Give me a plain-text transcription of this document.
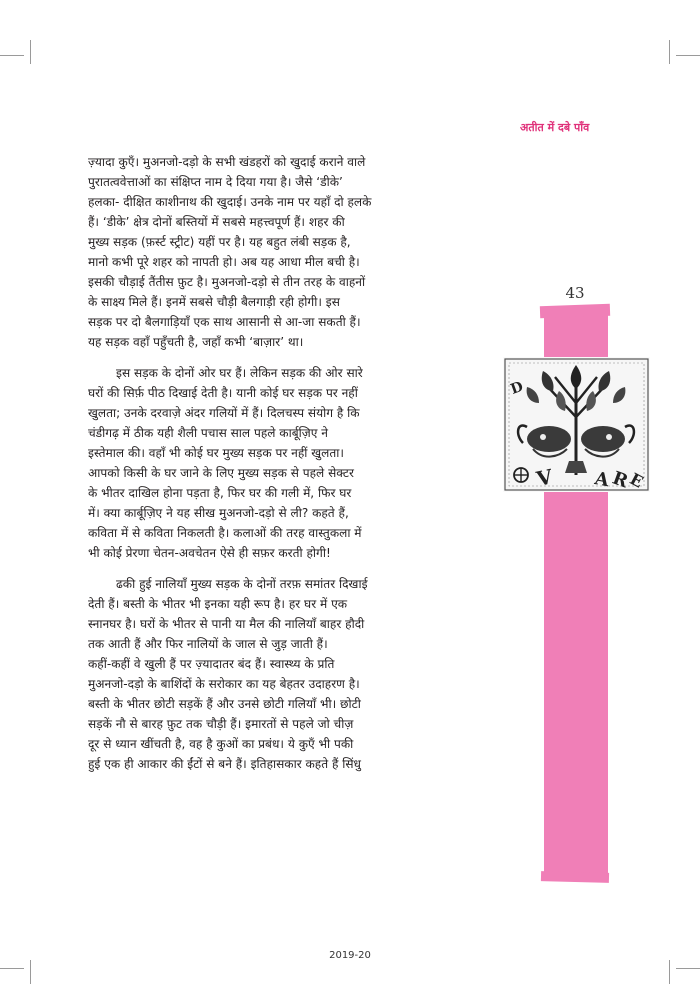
अतीत में दबे पाँव
43
D
V A R
E
ज़्यादा कुएँ। मुअनजो-दड़ो के सभी खंडहरों को खुदाई कराने वाले
पुरातत्ववेत्ताओं का संक्षिप्त नाम दे दिया गया है। जैसे ‘डीके’
हलका- दीक्षित काशीनाथ की खुदाई। उनके नाम पर यहाँ दो हलके
हैं। ‘डीके’ क्षेत्र दोनों बस्तियों में सबसे महत्त्वपूर्ण हैं। शहर की
मुख्य सड़क (फ़र्स्ट स्ट्रीट) यहीं पर है। यह बहुत लंबी सड़क है,
मानो कभी पूरे शहर को नापती हो। अब यह आधा मील बची है।
इसकी चौड़ाई तैंतीस फ़ुट है। मुअनजो-दड़ो से तीन तरह के वाहनों
के साक्ष्य मिले हैं। इनमें सबसे चौड़ी बैलगाड़ी रही होगी। इस
सड़क पर दो बैलगाड़ियाँ एक साथ आसानी से आ-जा सकती हैं।
यह सड़क वहाँ पहुँचती है, जहाँ कभी ‘बाज़ार’ था।
इस सड़क के दोनों ओर घर हैं। लेकिन सड़क की ओर सारे
घरों की सिर्फ़ पीठ दिखाई देती है। यानी कोई घर सड़क पर नहीं
खुलता; उनके दरवाज़े अंदर गलियों में हैं। दिलचस्प संयोग है कि
चंडीगढ़ में ठीक यही शैली पचास साल पहले कार्बूज़िए ने
इस्तेमाल की। वहाँ भी कोई घर मुख्य सड़क पर नहीं खुलता।
आपको किसी के घर जाने के लिए मुख्य सड़क से पहले सेक्टर
के भीतर दाखिल होना पड़ता है, फिर घर की गली में, फिर घर
में। क्या कार्बूज़िए ने यह सीख मुअनजो-दड़ो से ली? कहते हैं,
कविता में से कविता निकलती है। कलाओं की तरह वास्तुकला में
भी कोई प्रेरणा चेतन-अवचेतन ऐसे ही सफ़र करती होगी!
ढकी हुई नालियाँ मुख्य सड़क के दोनों तरफ़ समांतर दिखाई
देती हैं। बस्ती के भीतर भी इनका यही रूप है। हर घर में एक
स्नानघर है। घरों के भीतर से पानी या मैल की नालियाँ बाहर हौदी
तक आती हैं और फिर नालियों के जाल से जुड़ जाती हैं।
कहीं-कहीं वे खुली हैं पर ज़्यादातर बंद हैं। स्वास्थ्य के प्रति
मुअनजो-दड़ो के बाशिंदों के सरोकार का यह बेहतर उदाहरण है।
बस्ती के भीतर छोटी सड़कें हैं और उनसे छोटी गलियाँ भी। छोटी
सड़कें नौ से बारह फ़ुट तक चौड़ी हैं। इमारतों से पहले जो चीज़
दूर से ध्यान खींचती है, वह है कुओं का प्रबंध। ये कुएँ भी पकी
हुई एक ही आकार की ईंटों से बने हैं। इतिहासकार कहते हैं सिंधु
2019-20
